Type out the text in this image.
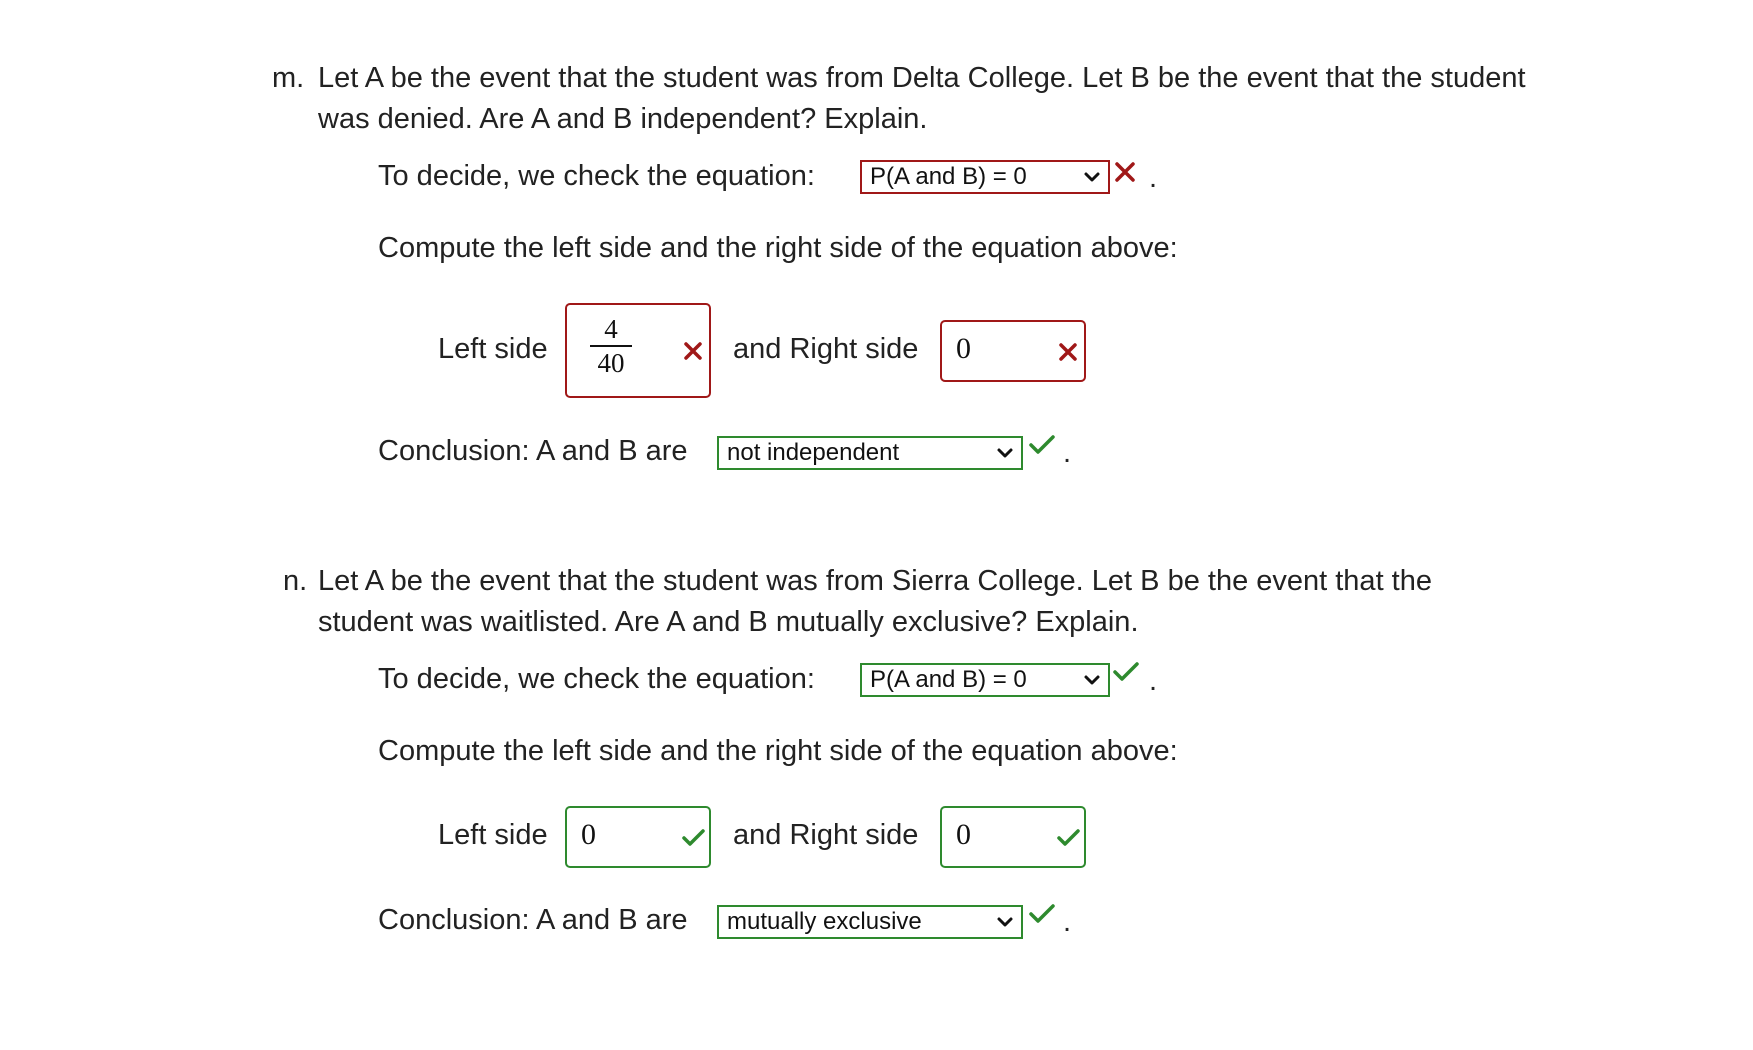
m. Let A be the event that the student was from Delta College. Let B be the event that the student
was denied. Are A and B independent? Explain.
To decide, we check the equation:	P(A and B) = 0	.
Compute the left side and the right side of the equation above:
Left side
4
40	and Right side 0
Conclusion: A and B are	not independent	.
n. Let A be the event that the student was from Sierra College. Let B be the event that the
student was waitlisted. Are A and B mutually exclusive? Explain.
To decide, we check the equation:	P(A and B) = 0	.
Compute the left side and the right side of the equation above:
Left side 0	and Right side 0
Conclusion: A and B are	mutually exclusive	.
